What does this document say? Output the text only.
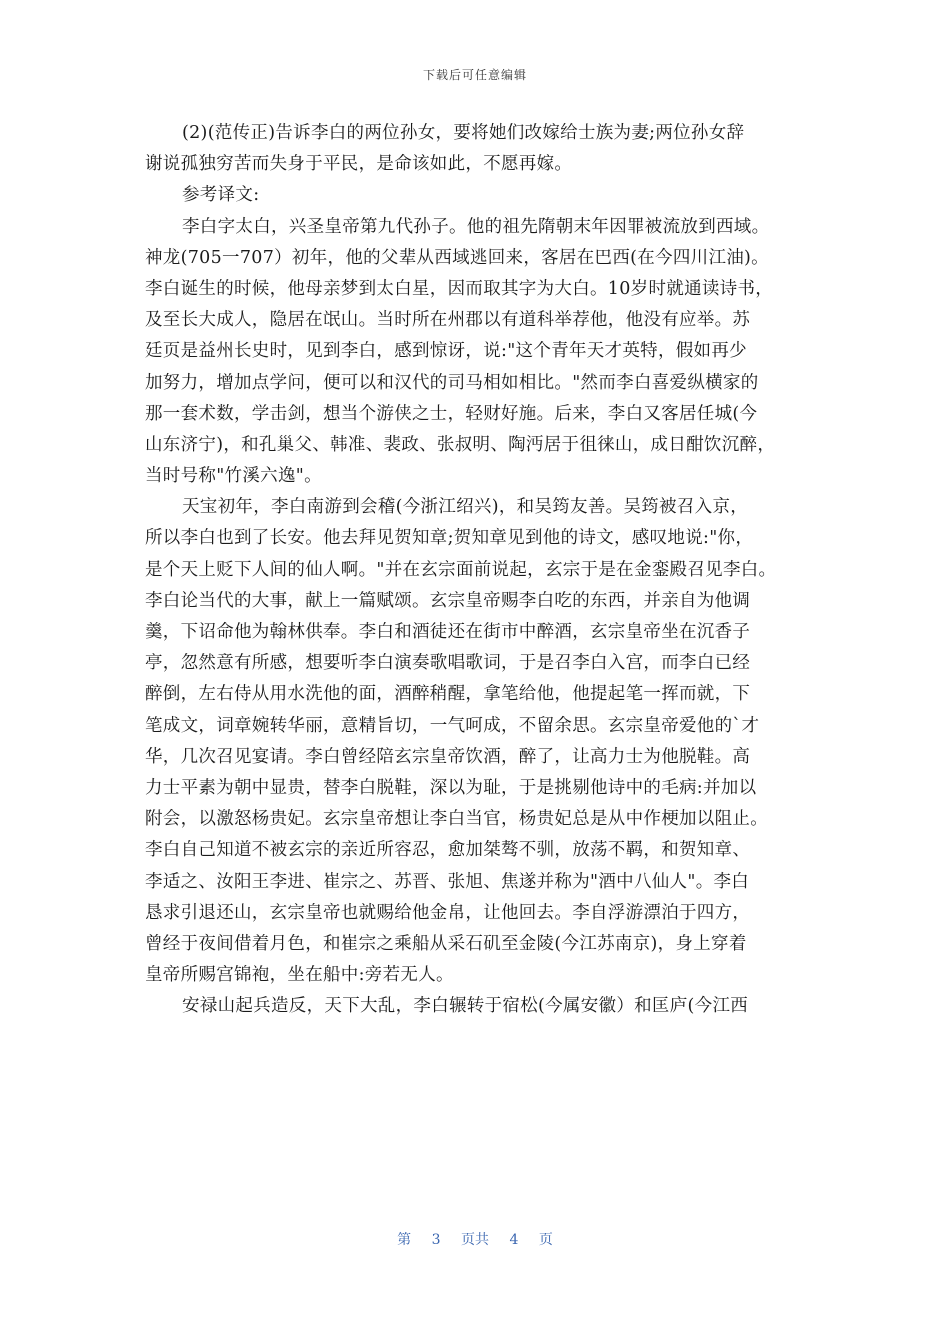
下载后可任意编辑
(2)(范传正)告诉李白的两位孙女，要将她们改嫁给士族为妻;两位孙女辞
谢说孤独穷苦而失身于平民，是命该如此，不愿再嫁。
参考译文:
李白字太白，兴圣皇帝第九代孙子。他的祖先隋朝末年因罪被流放到西域。
神龙(705一707）初年，他的父辈从西域逃回来，客居在巴西(在今四川江油)。
李白诞生的时候，他母亲梦到太白星，因而取其字为大白。10岁时就通读诗书，
及至长大成人，隐居在氓山。当时所在州郡以有道科举荐他，他没有应举。苏
廷页是益州长史时，见到李白，感到惊讶，说:"这个青年天才英特，假如再少
加努力，增加点学问，便可以和汉代的司马相如相比。"然而李白喜爱纵横家的
那一套术数，学击剑，想当个游侠之士，轻财好施。后来，李白又客居任城(今
山东济宁)，和孔巢父、韩准、裴政、张叔明、陶沔居于徂徕山，成日酣饮沉醉，
当时号称"竹溪六逸"。
天宝初年，李白南游到会稽(今浙江绍兴)，和吴筠友善。吴筠被召入京，
所以李白也到了长安。他去拜见贺知章;贺知章见到他的诗文，感叹地说:"你，
是个天上贬下人间的仙人啊。"并在玄宗面前说起，玄宗于是在金銮殿召见李白。
李白论当代的大事，献上一篇赋颂。玄宗皇帝赐李白吃的东西，并亲自为他调
羹，下诏命他为翰林供奉。李白和酒徒还在街市中醉酒，玄宗皇帝坐在沉香子
亭，忽然意有所感，想要听李白演奏歌唱歌词，于是召李白入宫，而李白已经
醉倒，左右侍从用水洗他的面，酒醉稍醒，拿笔给他，他提起笔一挥而就，下
笔成文，词章婉转华丽，意精旨切，一气呵成，不留余思。玄宗皇帝爱他的`才
华，几次召见宴请。李白曾经陪玄宗皇帝饮酒，醉了，让高力士为他脱鞋。高
力士平素为朝中显贵，替李白脱鞋，深以为耻，于是挑剔他诗中的毛病:并加以
附会，以激怒杨贵妃。玄宗皇帝想让李白当官，杨贵妃总是从中作梗加以阻止。
李白自己知道不被玄宗的亲近所容忍，愈加桀骜不驯，放荡不羁，和贺知章、
李适之、汝阳王李进、崔宗之、苏晋、张旭、焦遂并称为"酒中八仙人"。李白
恳求引退还山，玄宗皇帝也就赐给他金帛，让他回去。李自浮游漂泊于四方，
曾经于夜间借着月色，和崔宗之乘船从采石矶至金陵(今江苏南京)，身上穿着
皇帝所赐宫锦袍，坐在船中:旁若无人。
安禄山起兵造反，天下大乱，李白辗转于宿松(今属安徽）和匡庐(今江西
第 3 页共 4 页
